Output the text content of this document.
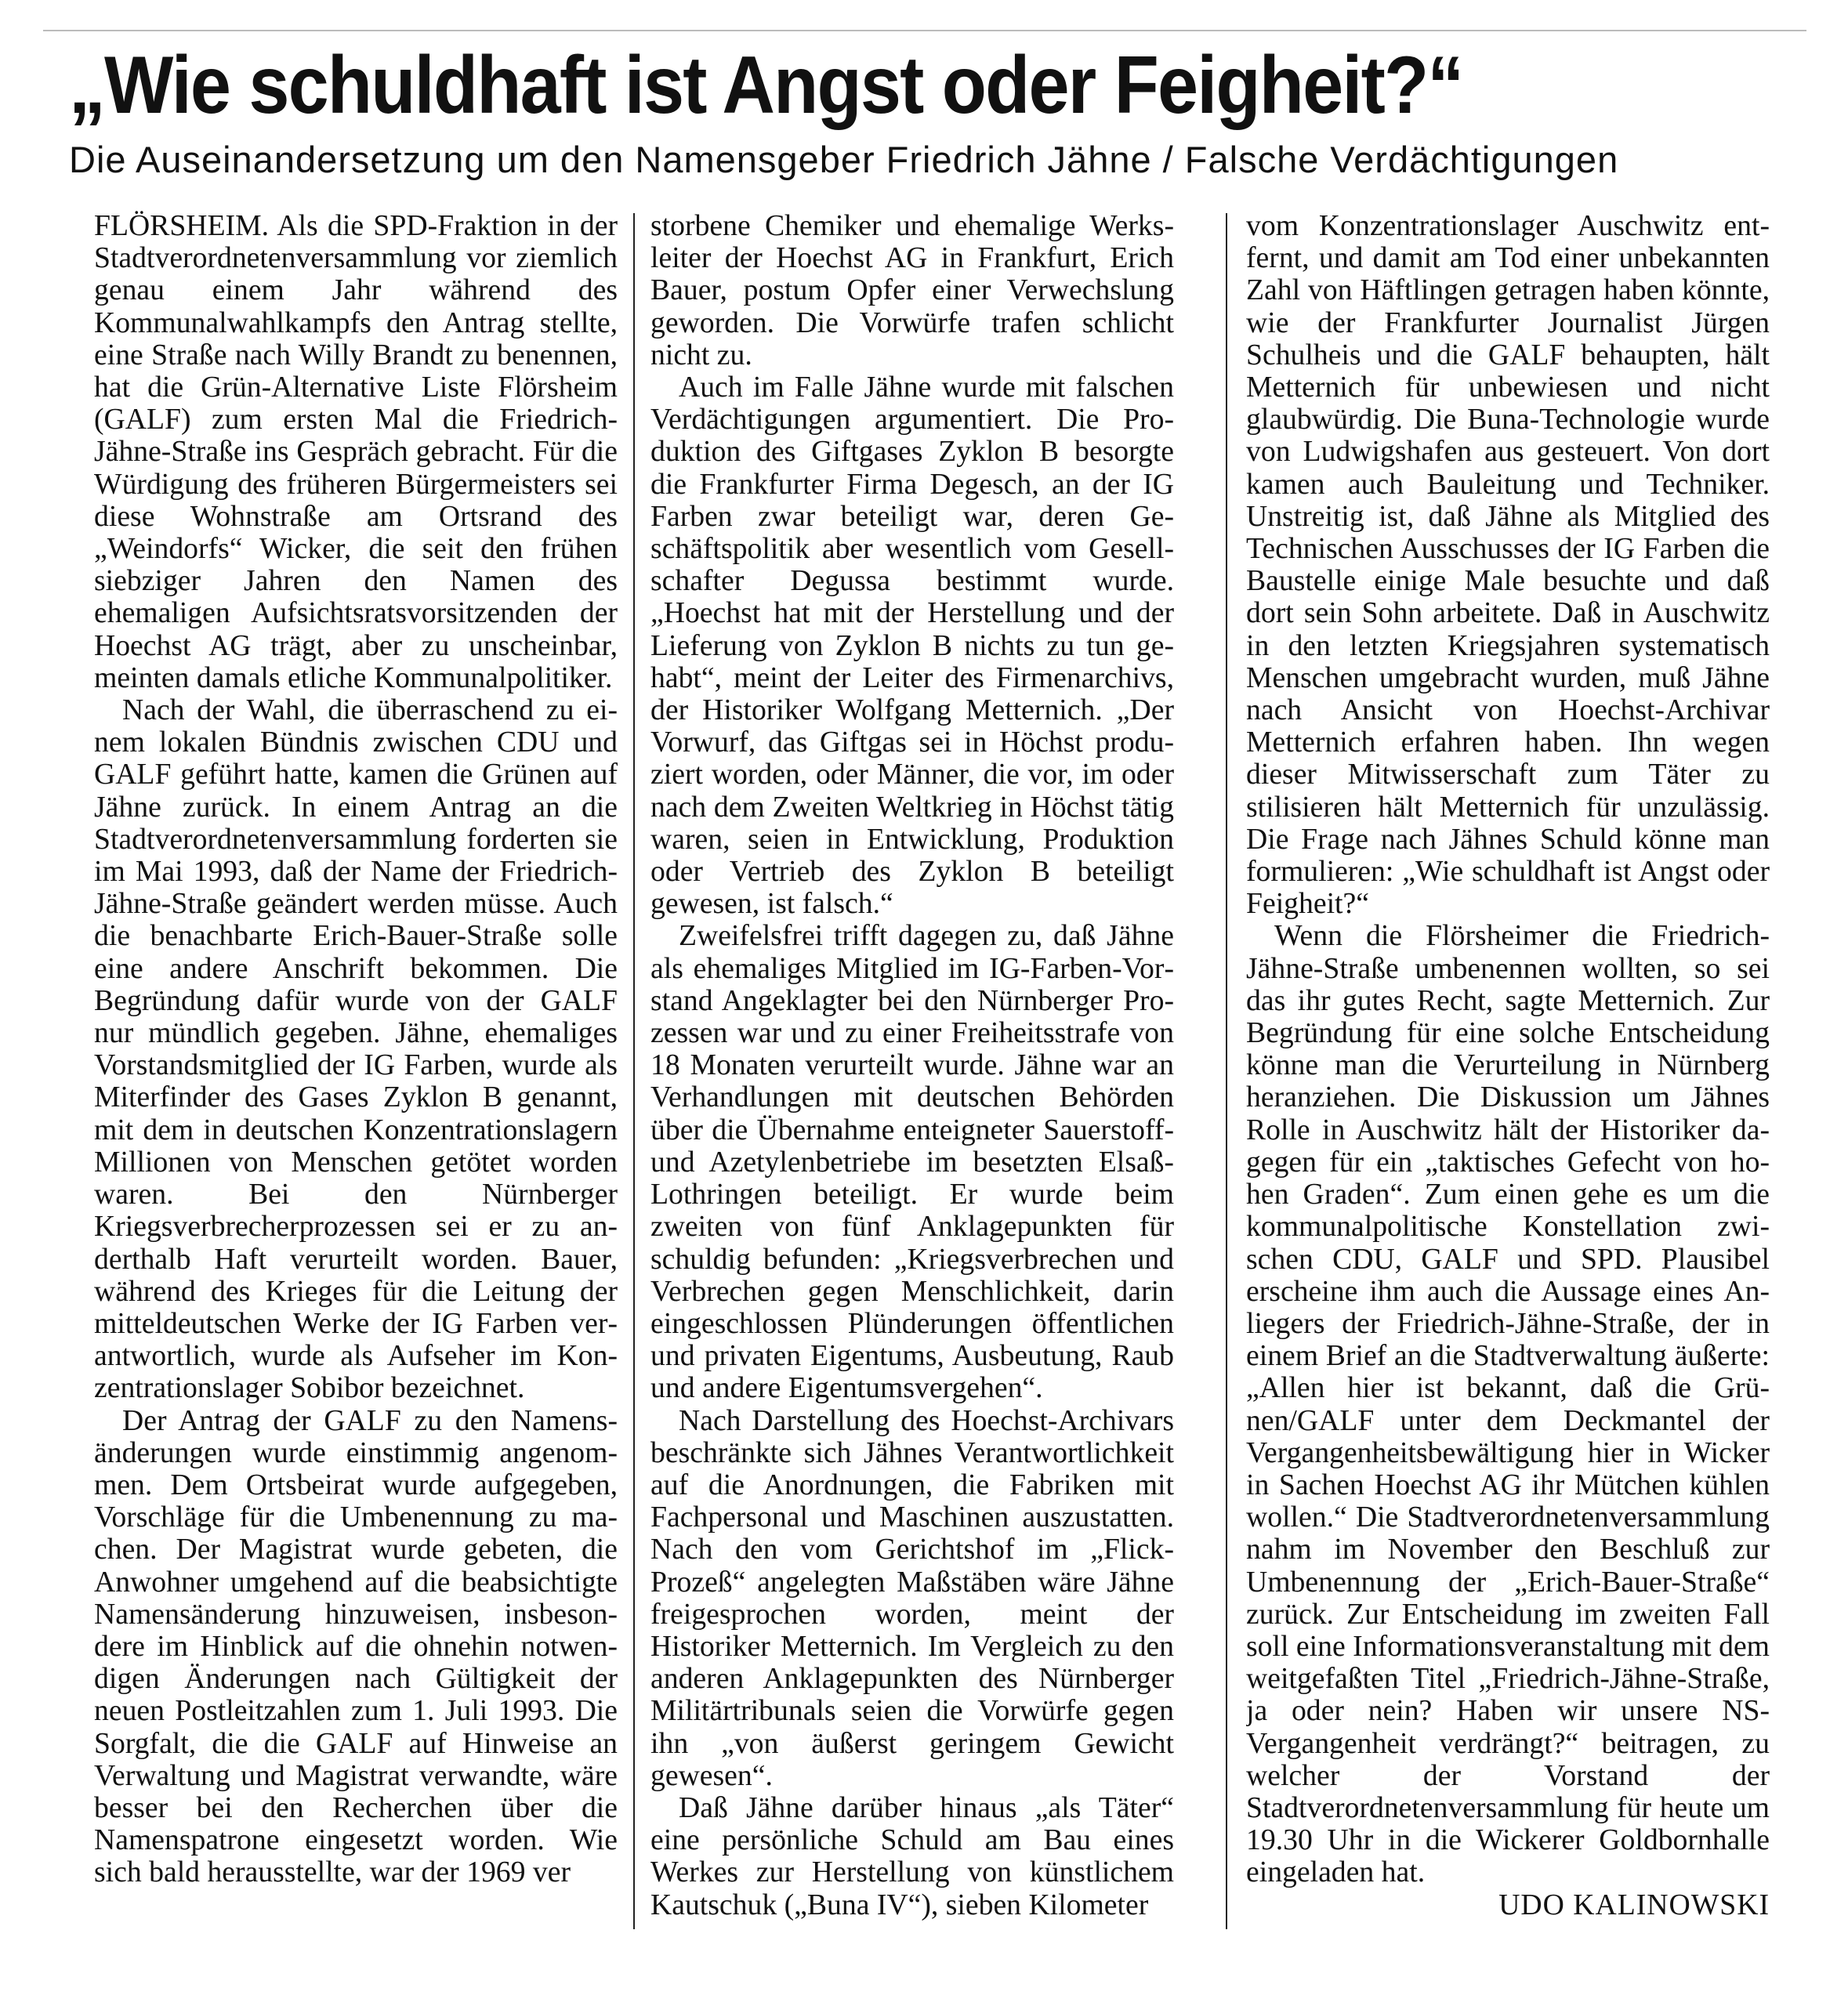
„Wie schuldhaft ist Angst oder Feigheit?“
Die Auseinandersetzung um den Namensgeber Friedrich Jähne / Falsche Verdächtigungen

FLÖRSHEIM. Als die SPD-Fraktion in der Stadtverordnetenversammlung vor ziemlich genau einem Jahr während des Kommunalwahlkampfs den Antrag stellte, eine Straße nach Willy Brandt zu benennen, hat die Grün-Alternative Liste Flörsheim (GALF) zum ersten Mal die Friedrich-Jähne-Straße ins Gespräch gebracht. Für die Würdigung des früheren Bürgermeisters sei diese Wohnstraße am Ortsrand des „Weindorfs“ Wicker, die seit den frühen siebziger Jahren den Namen des ehemaligen Aufsichtsratsvorsitzenden der Hoechst AG trägt, aber zu unscheinbar, meinten damals etliche Kommunalpolitiker.

Nach der Wahl, die überraschend zu einem lokalen Bündnis zwischen CDU und GALF geführt hatte, kamen die Grünen auf Jähne zurück. In einem Antrag an die Stadtverordnetenversammlung forderten sie im Mai 1993, daß der Name der Friedrich-Jähne-Straße geändert werden müsse. Auch die benachbarte Erich-Bauer-Straße solle eine andere Anschrift bekommen. Die Begründung dafür wurde von der GALF nur mündlich gegeben. Jähne, ehemaliges Vorstandsmitglied der IG Farben, wurde als Miterfinder des Gases Zyklon B genannt, mit dem in deutschen Konzentrationslagern Millionen von Menschen getötet worden waren. Bei den Nürnberger Kriegsverbrecherprozessen sei er zu anderthalb Haft verurteilt worden. Bauer, während des Krieges für die Leitung der mitteldeutschen Werke der IG Farben verantwortlich, wurde als Aufseher im Konzentrationslager Sobibor bezeichnet.

Der Antrag der GALF zu den Namensänderungen wurde einstimmig angenommen. Dem Ortsbeirat wurde aufgegeben, Vorschläge für die Umbenennung zu machen. Der Magistrat wurde gebeten, die Anwohner umgehend auf die beabsichtigte Namensänderung hinzuweisen, insbesondere im Hinblick auf die ohnehin notwendigen Änderungen nach Gültigkeit der neuen Postleitzahlen zum 1. Juli 1993. Die Sorgfalt, die die GALF auf Hinweise an Verwaltung und Magistrat verwandte, wäre besser bei den Recherchen über die Namenspatrone eingesetzt worden. Wie sich bald herausstellte, war der 1969 ver

storbene Chemiker und ehemalige Werksleiter der Hoechst AG in Frankfurt, Erich Bauer, postum Opfer einer Verwechslung geworden. Die Vorwürfe trafen schlicht nicht zu.

Auch im Falle Jähne wurde mit falschen Verdächtigungen argumentiert. Die Produktion des Giftgases Zyklon B besorgte die Frankfurter Firma Degesch, an der IG Farben zwar beteiligt war, deren Geschäftspolitik aber wesentlich vom Gesellschafter Degussa bestimmt wurde. „Hoechst hat mit der Herstellung und der Lieferung von Zyklon B nichts zu tun gehabt“, meint der Leiter des Firmenarchivs, der Historiker Wolfgang Metternich. „Der Vorwurf, das Giftgas sei in Höchst produziert worden, oder Männer, die vor, im oder nach dem Zweiten Weltkrieg in Höchst tätig waren, seien in Entwicklung, Produktion oder Vertrieb des Zyklon B beteiligt gewesen, ist falsch.“

Zweifelsfrei trifft dagegen zu, daß Jähne als ehemaliges Mitglied im IG-Farben-Vorstand Angeklagter bei den Nürnberger Prozessen war und zu einer Freiheitsstrafe von 18 Monaten verurteilt wurde. Jähne war an Verhandlungen mit deutschen Behörden über die Übernahme enteigneter Sauerstoff- und Azetylenbetriebe im besetzten Elsaß-Lothringen beteiligt. Er wurde beim zweiten von fünf Anklagepunkten für schuldig befunden: „Kriegsverbrechen und Verbrechen gegen Menschlichkeit, darin eingeschlossen Plünderungen öffentlichen und privaten Eigentums, Ausbeutung, Raub und andere Eigentumsvergehen“.

Nach Darstellung des Hoechst-Archivars beschränkte sich Jähnes Verantwortlichkeit auf die Anordnungen, die Fabriken mit Fachpersonal und Maschinen auszustatten. Nach den vom Gerichtshof im „Flick-Prozeß“ angelegten Maßstäben wäre Jähne freigesprochen worden, meint der Historiker Metternich. Im Vergleich zu den anderen Anklagepunkten des Nürnberger Militärtribunals seien die Vorwürfe gegen ihn „von äußerst geringem Gewicht gewesen“.

Daß Jähne darüber hinaus „als Täter“ eine persönliche Schuld am Bau eines Werkes zur Herstellung von künstlichem Kautschuk („Buna IV“), sieben Kilometer

vom Konzentrationslager Auschwitz entfernt, und damit am Tod einer unbekannten Zahl von Häftlingen getragen haben könnte, wie der Frankfurter Journalist Jürgen Schulheis und die GALF behaupten, hält Metternich für unbewiesen und nicht glaubwürdig. Die Buna-Technologie wurde von Ludwigshafen aus gesteuert. Von dort kamen auch Bauleitung und Techniker. Unstreitig ist, daß Jähne als Mitglied des Technischen Ausschusses der IG Farben die Baustelle einige Male besuchte und daß dort sein Sohn arbeitete. Daß in Auschwitz in den letzten Kriegsjahren systematisch Menschen umgebracht wurden, muß Jähne nach Ansicht von Hoechst-Archivar Metternich erfahren haben. Ihn wegen dieser Mitwisserschaft zum Täter zu stilisieren hält Metternich für unzulässig. Die Frage nach Jähnes Schuld könne man formulieren: „Wie schuldhaft ist Angst oder Feigheit?“

Wenn die Flörsheimer die Friedrich-Jähne-Straße umbenennen wollten, so sei das ihr gutes Recht, sagte Metternich. Zur Begründung für eine solche Entscheidung könne man die Verurteilung in Nürnberg heranziehen. Die Diskussion um Jähnes Rolle in Auschwitz hält der Historiker dagegen für ein „taktisches Gefecht von hohen Graden“. Zum einen gehe es um die kommunalpolitische Konstellation zwischen CDU, GALF und SPD. Plausibel erscheine ihm auch die Aussage eines Anliegers der Friedrich-Jähne-Straße, der in einem Brief an die Stadtverwaltung äußerte: „Allen hier ist bekannt, daß die Grünen/GALF unter dem Deckmantel der Vergangenheitsbewältigung hier in Wicker in Sachen Hoechst AG ihr Mütchen kühlen wollen.“ Die Stadtverordnetenversammlung nahm im November den Beschluß zur Umbenennung der „Erich-Bauer-Straße“ zurück. Zur Entscheidung im zweiten Fall soll eine Informationsveranstaltung mit dem weitgefaßten Titel „Friedrich-Jähne-Straße, ja oder nein? Haben wir unsere NS-Vergangenheit verdrängt?“ beitragen, zu welcher der Vorstand der Stadtverordnetenversammlung für heute um 19.30 Uhr in die Wickerer Goldbornhalle eingeladen hat.

UDO KALINOWSKI
